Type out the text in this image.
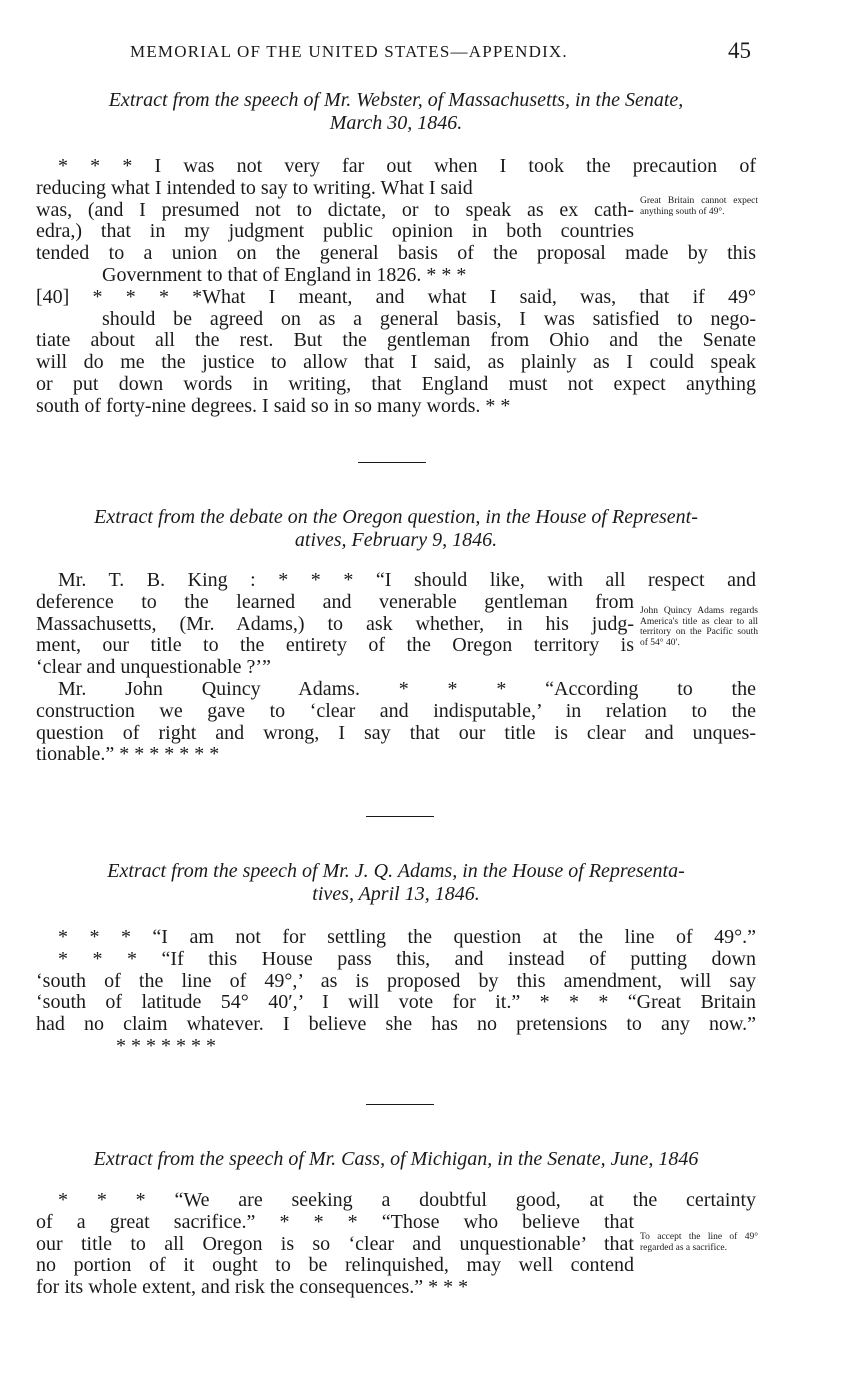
MEMORIAL OF THE UNITED STATES—APPENDIX.	45
Extract from the speech of Mr. Webster, of Massachusetts, in the Senate,
March 30, 1846.
* * * I was not very far out when I took the precaution of
reducing what I intended to say to writing. What I said
was, (and I presumed not to dictate, or to speak as ex cath-
edra,) that in my judgment public opinion in both countries
tended to a union on the general basis of the proposal made by this
Government to that of England in 1826. * * *
[40] * * * *What I meant, and what I said, was, that if 49°
should be agreed on as a general basis, I was satisfied to nego-
tiate about all the rest. But the gentleman from Ohio and the Senate
will do me the justice to allow that I said, as plainly as I could speak
or put down words in writing, that England must not expect anything
south of forty-nine degrees. I said so in so many words. * *
Great Britain cannot expect anything south of 49°.
Extract from the debate on the Oregon question, in the House of Represent-
atives, February 9, 1846.
Mr. T. B. King : * * * “I should like, with all respect and
deference to the learned and venerable gentleman from
Massachusetts, (Mr. Adams,) to ask whether, in his judg-
ment, our title to the entirety of the Oregon territory is
‘clear and unquestionable ?’”
Mr. John Quincy Adams. * * * “According to the
construction we gave to ‘clear and indisputable,’ in relation to the
question of right and wrong, I say that our title is clear and unques-
tionable.” * * * * * * *
John Quincy Adams regards America's title as clear to all territory on the Pacific south of 54° 40′.
Extract from the speech of Mr. J. Q. Adams, in the House of Representa-
tives, April 13, 1846.
* * * “I am not for settling the question at the line of 49°.”
* * * “If this House pass this, and instead of putting down
‘south of the line of 49°,’ as is proposed by this amendment, will say
‘south of latitude 54° 40′,’ I will vote for it.” * * * “Great Britain
had no claim whatever. I believe she has no pretensions to any now.”
* * * * * * *
Extract from the speech of Mr. Cass, of Michigan, in the Senate, June, 1846
* * * “We are seeking a doubtful good, at the certainty
of a great sacrifice.” * * * “Those who believe that
our title to all Oregon is so ‘clear and unquestionable’ that
no portion of it ought to be relinquished, may well contend
for its whole extent, and risk the consequences.” * * *
To accept the line of 49° regarded as a sacrifice.
